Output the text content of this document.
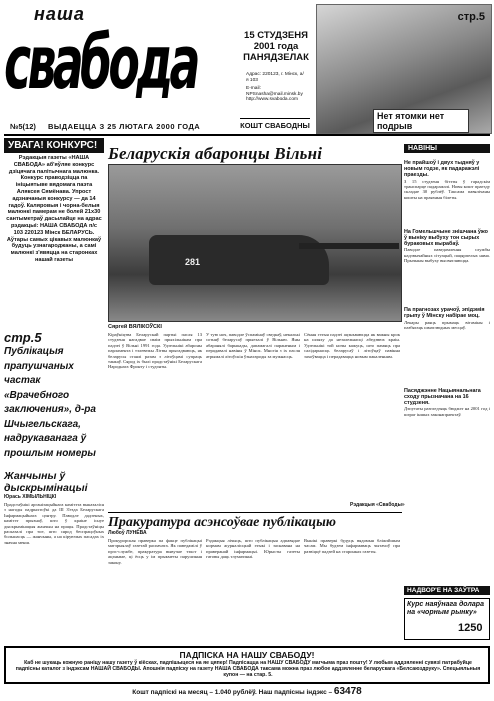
наша
свабода
№5(12) ВЫДАЕЦЦА З 25 ЛЮТАГА 2000 ГОДА
15 СТУДЗЕНЯ
2001 года
ПАНЯДЗЕЛАК
Адрас: 220123, г. Мінск, а/я 103
E-mail: NPSnasha@mail.minsk.by http://www.svaboda.com
КОШТ СВАБОДНЫ
стр.5
Нет ятомки нет подрыв
УВАГА! КОНКУРС!
Рэдакцыя газеты «НАША СВАБОДА» аб'яўляе конкурс дзіцячага палітычнага малюнка. Конкурс праводзіцца па ініцыятыве вядомага паэта Аляксея Сямёнава. Упрост адзначаныя конкурсу — да 14 гадоў. Каляровыя і чорна-белыя малюнкі памерам не болей 21х30 сантыметраў дасылайце на адрас рэдакцыі: НАША СВАБОДА п/с 103 220123 Мінск БЕЛАРУСЬ. Аўтары самых цікавых малюнкаў будуць узнагароджаны, а самі малюнкі з'явяцца на старонках нашай газеты
стр.5
Публікацыя прапушчаных частак «Врачебного заключения», д-ра Шчыгельскага, надрукаванага ў прошлым номеры
Жанчыны ў дыскрымінацыі
Юрась ХІМЫЛЬНІЦКІ
Прадстаўнікі арганізацыйнага камітэта выказаліся з нагоды падрыхтоўкі да ІІІ З'езда Беларускага Інфармацыйнага цэнтру. Паводле дадзеных, камітэт прызнаў, што ў краіне існуе дыскрымінацыя жанчын на працы. Прадстаўніцы расказалі пра тое, што сярод беспрацоўных большасць — жанчыны, а на кіруючых пасадах іх значна менш.
Беларускія абаронцы Вільні
281
Сяргей ВЯЛІКОЎСКІ
Кіраўніцтва Беларускай партыі пасля 13 студзеня нагадвае сваім прыхільнікам пра падзеі ў Вільні 1991 года. Удзельнікі абароны парламента і тэлевежы Літвы прыгадваюць, як беларусы стаялі разам з літоўцамі супраць танкаў. Сярод іх былі прадстаўнікі Беларускага Народнага Фронту і студэнты.
У тую ноч, паводле ўспамінаў сведкаў, некалькі сотняў беларусаў прыехалі ў Вільню. Яны абаранялі барыкады, дапамагалі параненым і перадавалі навіны ў Мінск. Многія з іх пасля атрымалі літоўскія ўзнагароды за мужнасць.
Сёння гэтыя падзеі ацэньваюцца як важны крок на шляху да незалежнасці абедзвюх краін. Удзельнікі той ночы кажуць, што памяць пра салідарнасць беларусаў і літоўцаў павінна захоўвацца і перадавацца новым пакаленням.
Рэдакцыя «Свабоды»
Пракуратура асэнсоўвае публікацыю
Любоў ЛУНЁВА
Прокурорская праверка па факце публікацыі матэрыялаў газетай распачата. Як паведамілі ў прэс-службе, пракуратура вывучае тэкст і ацэньвае, ці ёсць у ім прыкметы парушэння закону.
Рэдакцыя лічыць, што публікацыя адпавядае нормам журналісцкай этыкі і заснавана на праверанай інфармацыі. Юрысты газеты гатовы даць тлумачэнні.
Вынікі праверкі будуць вядомыя бліжэйшым часам. Мы будзем інфармаваць чытачоў пра развіццё падзей на старонках газеты.
НАВІНЫ
Не прайшоў і двух тыдняў у новым годзе, як падаражэлі праезды.
З 15 студзеня бітэты ў гарадскім транспарце падаражэлі. Новы кошт праезду складае 30 рублёў. Таксама павялічаны кошты на праязныя білеты.
На Гомельшчыне знішчана ўжо ў выніку выбуху тон сырых бураковых вырабаў.
Паводле паведамлення службы надзвычайных сітуацый, пацярпелых няма. Прычыны выбуху высвятляюцца.
Па прагнозах урачоў, эпідэмія грыпу ў Мінску набірае моц.
Лекары раяць прымаць вітаміны і пазбягаць шматлюдных месцаў.
Пасяджэнне Нацыянальнага сходу прызначана на 16 студзеня.
Дэпутаты разгледзяць бюджэт на 2001 год і шэраг іншых законапраектаў.
НАДВОР'Е НА ЗАЎТРА
Курс наяўнага долара на «чорным рынку»
1250
ПАДПІСКА НА НАШУ СВАБОДУ!
Каб не шукаць кожную раніцу нашу газету ў кіёсках, падпішыцеся на яе цяпер! Падпісацца на НАШУ СВАБОДУ магчыма праз пошту! У любым аддзяленні сувязі патрабуйце падпісны каталог з індэксам НАШАЙ СВАБОДЫ. Апошнія падпіску на газету НАША СВАБОДА таксама можна праз любое аддзяленне беларускага «Белсаюздруку». Спецыяльныя купон — на стар. 5.
Кошт падпіскі на месяц – 1.040 рублёў. Наш падпісны індэкс – 63478
